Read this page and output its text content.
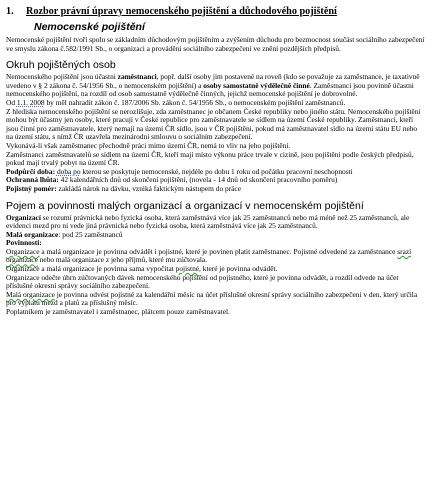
1. Rozbor právní úpravy nemocenského pojištění a důchodového pojištění
Nemocenské pojištění

Nemocenské pojištění tvoří spolu se základním důchodovým pojištěním a zvýšením důchodu pro bezmocnost součást sociálního zabezpečení ve smyslu zákona č.582/1991 Sb., o organizaci a provádění sociálního zabezpečení ve znění pozdějších předpisů.

Okruh pojištěných osob

Nemocenského pojištění jsou účastni zaměstnanci, popř. další osoby jim postavené na roveň (kdo se považuje za zaměstnance, je taxativně uvedeno v § 2 zákona č. 54/1956 Sb., o nemocenském pojištění) a osoby samostatně výdělečně činné. Zaměstnanci jsou povinně účastni nemocenského pojištění, na rozdíl od osob samostatně výdělečně činných, jejichž nemocenské pojištění je dobrovolné.

Od 1.1. 2008 by měl nahradit zákon č. 187/2006 Sb. zákon č. 54/1956 Sb., o nemocenském pojištění zaměstnanců.

Z hlediska nemocenského pojištění se nerozlišuje, zda zaměstnanec je občanem České republiky nebo jiného státu. Nemocenského pojištěni mohou být účastny jen osoby, které pracují v České republice pro zaměstnavatele se sídlem na území České republiky. Zaměstnanci, kteří jsou činní pro zaměstnavatele, který nemají na území ČR sídlo, jsou v ČR pojištěni, pokud má zaměstnavatel sídlo na území státu EU nebo na území státu, s nímž ČR uzavřela mezinárodní smlouvu o sociálním zabezpečení.

Vykonává-li však zaměstnanec přechodně práci mimo území ČR, nemá to vliv na jeho pojištění.

Zaměstnanci zaměstnavatelů se sídlem na území ČR, kteří mají místo výkonu práce trvale v cizině, jsou pojištěni podle českých předpisů, pokud mají trvalý pobyt na území ČR.

Podpůrčí doba: doba po kterou se poskytuje nemocenské, nejdéle po dobu 1 roku od počátku pracovní neschopnosti

Ochranná lhůta: 42 kalendářních dnů od skončení pojištění, (novela - 14 dnů od skončení pracovního poměru)

Pojistný pomér: zakládá nárok na dávku, vzniká faktickým nástupem do práce

Pojem a povinnosti malých organizací a organizací v nemocenském pojištění

Organizací se rozumí právnická nebo fyzická osoba, která zaměstnává více jak 25 zaměstnanců nebo má méně než 25 zaměstnanců, ale evidenci mezd pro ni vede jiná právnická nebo fyzická osoba, která zaměstnává více jak 25 zaměstnanců.

Malá organizace: pod 25 zaměstnanců

Povinnosti:

Organizace a malá organizace je povinna odvádět i pojistné, které je povinen platit zaměstnanec. Pojistné odvedené za zaměstnance srazí organizace nebo malá organizace z jeho příjmů, které mu zúčtovala.

Organizace a malá organizace je povinna sama vypočítat pojistné, které je povinna odvádět.

Organizace odečte úhrn zúčtovaných dávek nemocenského pojištění od pojistného, které je povinna odvádět, a rozdíl odvede na účet příslušné okresní správy sociálního zabezpečení.

Malá organizace je povinna odvést pojistné za kalendářní měsíc na účet příslušné okresní správy sociálního zabezpečení v den, který určila pro výplatu mezd a platů za příslušný měsíc.

Poplatníkem je zaměstnavatel i zaměstnanec, plátcem pouze zaměstnavatel.
